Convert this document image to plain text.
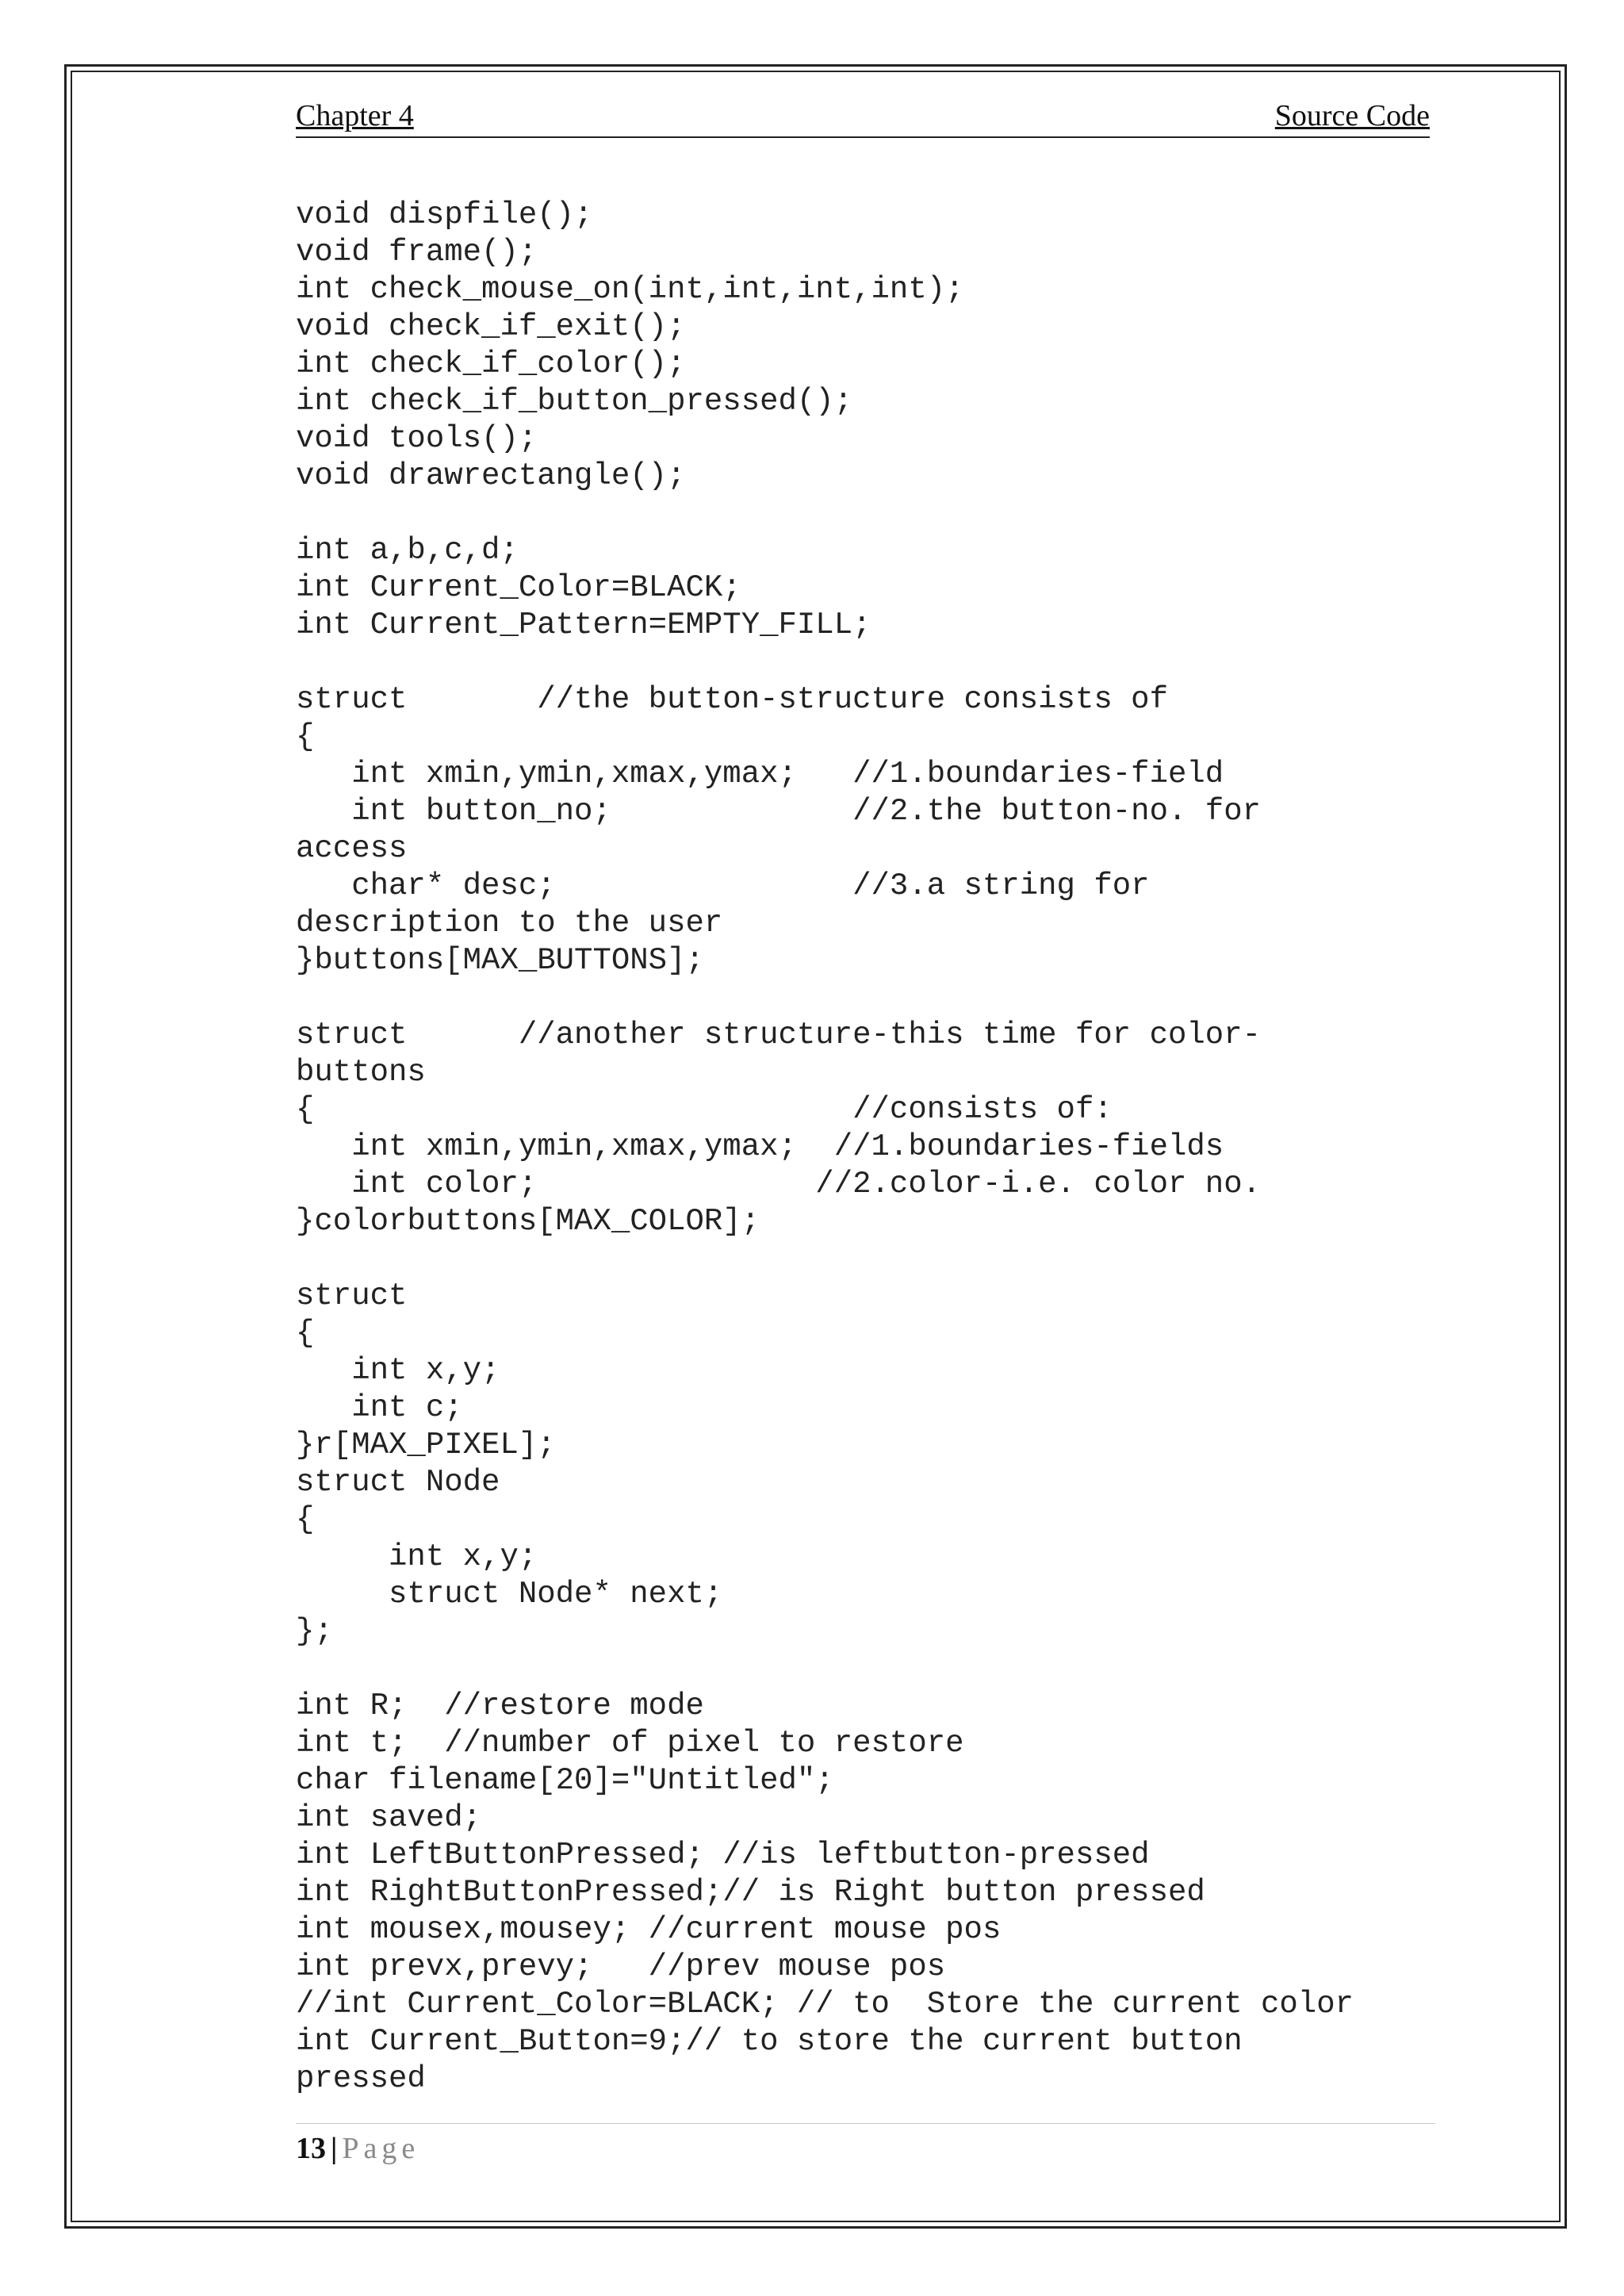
Chapter 4	Source Code
void dispfile();
void frame();
int check_mouse_on(int,int,int,int);
void check_if_exit();
int check_if_color();
int check_if_button_pressed();
void tools();
void drawrectangle();

int a,b,c,d;
int Current_Color=BLACK;
int Current_Pattern=EMPTY_FILL;

struct       //the button-structure consists of
{
int xmin,ymin,xmax,ymax;   //1.boundaries-field
int button_no;             //2.the button-no. for
access
char* desc;                //3.a string for
description to the user
}buttons[MAX_BUTTONS];

struct      //another structure-this time for color-
buttons
{                             //consists of:
int xmin,ymin,xmax,ymax;  //1.boundaries-fields
int color;               //2.color-i.e. color no.
}colorbuttons[MAX_COLOR];

struct
{
int x,y;
int c;
}r[MAX_PIXEL];
struct Node
{
int x,y;
struct Node* next;
};

int R;  //restore mode
int t;  //number of pixel to restore
char filename[20]="Untitled";
int saved;
int LeftButtonPressed; //is leftbutton-pressed
int RightButtonPressed;// is Right button pressed
int mousex,mousey; //current mouse pos
int prevx,prevy;   //prev mouse pos
//int Current_Color=BLACK; // to  Store the current color
int Current_Button=9;// to store the current button
pressed
13 | Page
